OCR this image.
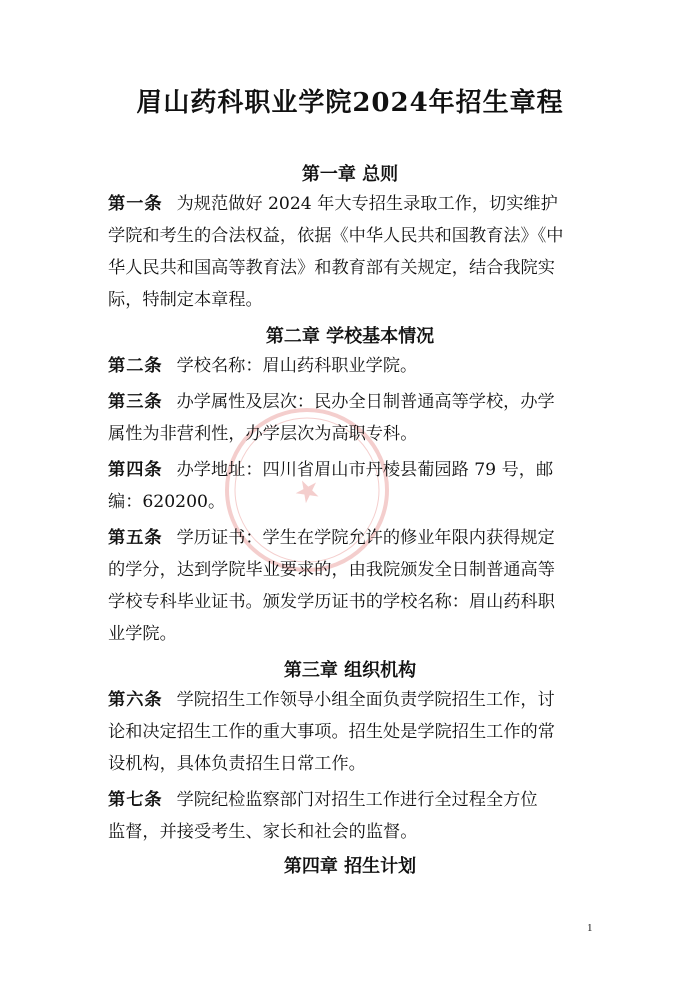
★
眉山药科职业学院2024年招生章程
第一章 总则
第一条 为规范做好 2024 年大专招生录取工作，切实维护
学院和考生的合法权益，依据《中华人民共和国教育法》《中
华人民共和国高等教育法》和教育部有关规定，结合我院实
际，特制定本章程。
第二章 学校基本情况
第二条 学校名称：眉山药科职业学院。
第三条 办学属性及层次：民办全日制普通高等学校，办学
属性为非营利性，办学层次为高职专科。
第四条 办学地址：四川省眉山市丹棱县葡园路 79 号，邮
编：620200。
第五条 学历证书：学生在学院允许的修业年限内获得规定
的学分，达到学院毕业要求的，由我院颁发全日制普通高等
学校专科毕业证书。颁发学历证书的学校名称：眉山药科职
业学院。
第三章 组织机构
第六条 学院招生工作领导小组全面负责学院招生工作，讨
论和决定招生工作的重大事项。招生处是学院招生工作的常
设机构，具体负责招生日常工作。
第七条 学院纪检监察部门对招生工作进行全过程全方位
监督，并接受考生、家长和社会的监督。
第四章 招生计划
1
